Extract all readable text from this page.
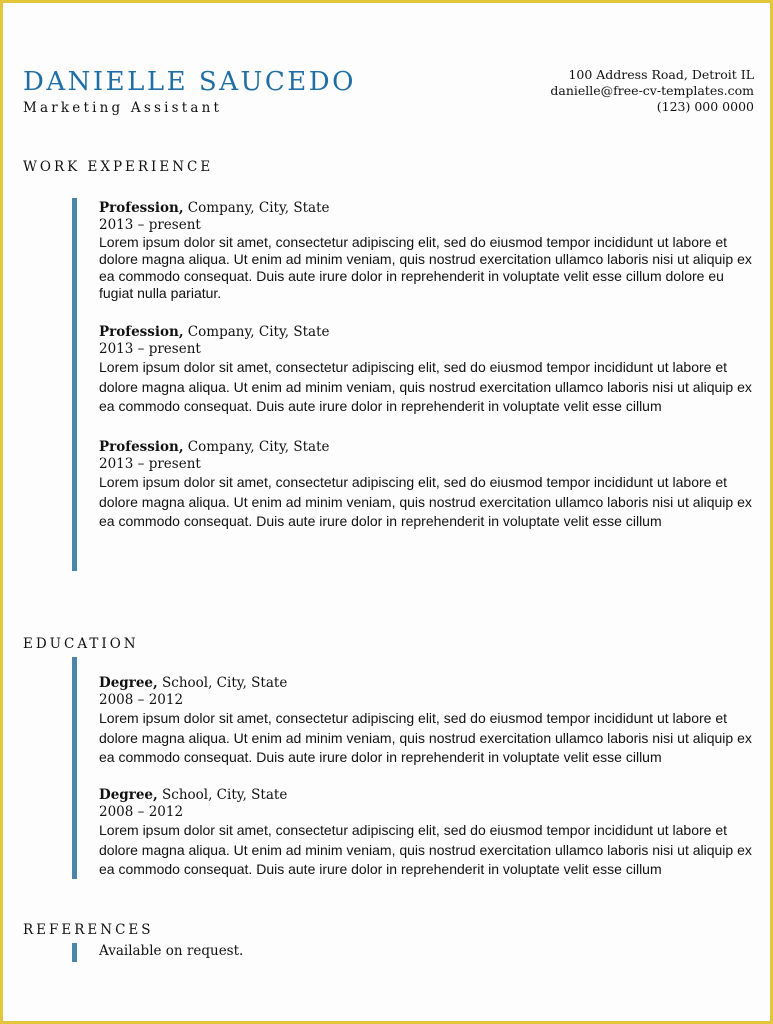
DANIELLE SAUCEDO
Marketing Assistant
100 Address Road, Detroit IL
danielle@free-cv-templates.com
(123) 000 0000
WORK EXPERIENCE
Profession, Company, City, State
2013 – present

Lorem ipsum dolor sit amet, consectetur adipiscing elit, sed do eiusmod tempor incididunt ut labore et dolore magna aliqua. Ut enim ad minim veniam, quis nostrud exercitation ullamco laboris nisi ut aliquip ex ea commodo consequat. Duis aute irure dolor in reprehenderit in voluptate velit esse cillum dolore eu fugiat nulla pariatur.

Profession, Company, City, State
2013 – present

Lorem ipsum dolor sit amet, consectetur adipiscing elit, sed do eiusmod tempor incididunt ut labore et dolore magna aliqua. Ut enim ad minim veniam, quis nostrud exercitation ullamco laboris nisi ut aliquip ex ea commodo consequat. Duis aute irure dolor in reprehenderit in voluptate velit esse cillum

Profession, Company, City, State
2013 – present

Lorem ipsum dolor sit amet, consectetur adipiscing elit, sed do eiusmod tempor incididunt ut labore et dolore magna aliqua. Ut enim ad minim veniam, quis nostrud exercitation ullamco laboris nisi ut aliquip ex ea commodo consequat. Duis aute irure dolor in reprehenderit in voluptate velit esse cillum

EDUCATION
Degree, School, City, State
2008 – 2012

Lorem ipsum dolor sit amet, consectetur adipiscing elit, sed do eiusmod tempor incididunt ut labore et dolore magna aliqua. Ut enim ad minim veniam, quis nostrud exercitation ullamco laboris nisi ut aliquip ex ea commodo consequat. Duis aute irure dolor in reprehenderit in voluptate velit esse cillum

Degree, School, City, State
2008 – 2012

Lorem ipsum dolor sit amet, consectetur adipiscing elit, sed do eiusmod tempor incididunt ut labore et dolore magna aliqua. Ut enim ad minim veniam, quis nostrud exercitation ullamco laboris nisi ut aliquip ex ea commodo consequat. Duis aute irure dolor in reprehenderit in voluptate velit esse cillum

REFERENCES
Available on request.
